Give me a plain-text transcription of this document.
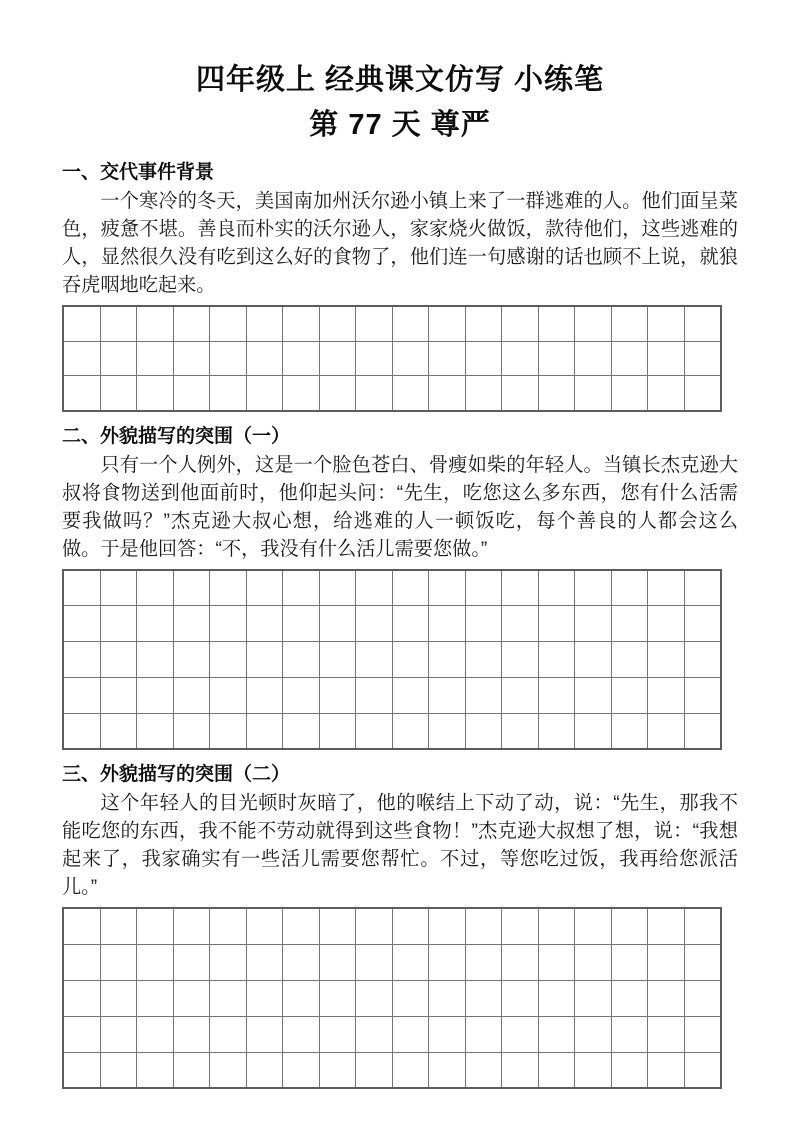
四年级上 经典课文仿写 小练笔
第 77 天 尊严
一、交代事件背景

一个寒冷的冬天，美国南加州沃尔逊小镇上来了一群逃难的人。他们面呈菜色，疲惫不堪。善良而朴实的沃尔逊人，家家烧火做饭，款待他们，这些逃难的人，显然很久没有吃到这么好的食物了，他们连一句感谢的话也顾不上说，就狼吞虎咽地吃起来。

二、外貌描写的突围（一）

只有一个人例外，这是一个脸色苍白、骨瘦如柴的年轻人。当镇长杰克逊大叔将食物送到他面前时，他仰起头问：“先生，吃您这么多东西，您有什么活需要我做吗？”杰克逊大叔心想，给逃难的人一顿饭吃，每个善良的人都会这么做。于是他回答：“不，我没有什么活儿需要您做。”

三、外貌描写的突围（二）

这个年轻人的目光顿时灰暗了，他的喉结上下动了动，说：“先生，那我不能吃您的东西，我不能不劳动就得到这些食物！”杰克逊大叔想了想，说：“我想起来了，我家确实有一些活儿需要您帮忙。不过，等您吃过饭，我再给您派活儿。”
